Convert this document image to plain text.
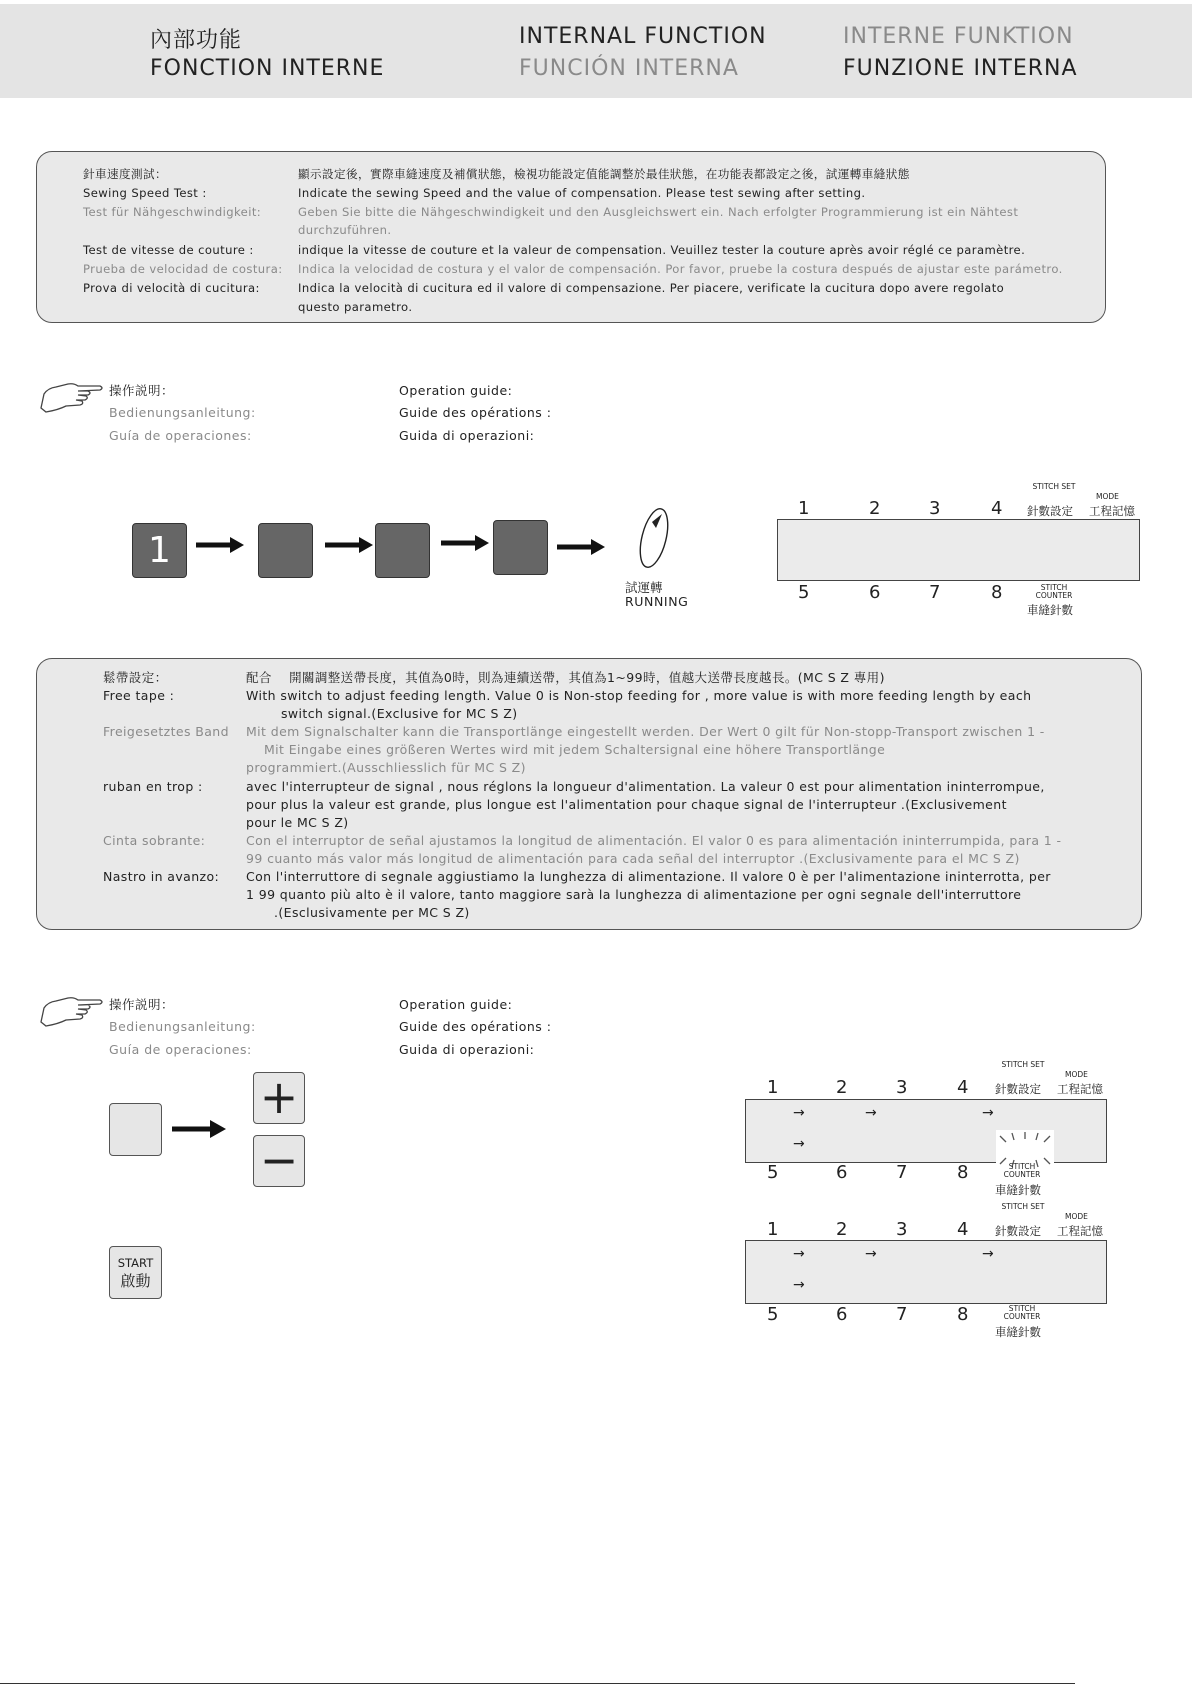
內部功能
FONCTION INTERNE
INTERNAL FUNCTION
FUNCIÓN INTERNA
INTERNE FUNKTION
FUNZIONE INTERNA
針車速度測試：	顯示設定後，實際車縫速度及補償狀態，檢視功能設定值能調整於最佳狀態，在功能表都設定之後，試運轉車縫狀態
Sewing Speed Test :	Indicate the sewing Speed and the value of compensation. Please test sewing after setting.
Test für Nähgeschwindigkeit:	Geben Sie bitte die Nähgeschwindigkeit und den Ausgleichswert ein. Nach erfolgter Programmierung ist ein Nähtest
durchzuführen.
Test de vitesse de couture :	indique la vitesse de couture et la valeur de compensation. Veuillez tester la couture après avoir réglé ce paramètre.
Prueba de velocidad de costura: Indica la velocidad de costura y el valor de compensación. Por favor, pruebe la costura después de ajustar este parámetro.
Prova di velocità di cucitura:	Indica la velocità di cucitura ed il valore di compensazione. Per piacere, verificate la cucitura dopo avere regolato
questo parametro.
操作説明：
Bedienungsanleitung:
Guía de operaciones:
Operation guide:
Guide des opérations :
Guida di operazioni:
1
試運轉
RUNNING
1	2	3	4
STITCH SET
針數設定
MODE
工程記憶
5	6	7	8	STITCH COUNTER
車縫針數
鬆帶設定：	配合　 開關調整送帶長度，其值為0時，則為連續送帶，其值為1~99時，值越大送帶長度越長。(MC S Z 專用)
Free tape :	With switch to adjust feeding length. Value 0 is Non-stop feeding for , more value is with more feeding length by each
switch signal.(Exclusive for MC S Z)
Freigesetztes Band Mit dem Signalschalter kann die Transportlänge eingestellt werden. Der Wert 0 gilt für Non-stopp-Transport zwischen 1 -
Mit Eingabe eines größeren Wertes wird mit jedem Schaltersignal eine höhere Transportlänge
programmiert.(Ausschliesslich für MC S Z)
ruban en trop :	avec l'interrupteur de signal , nous réglons la longueur d'alimentation. La valeur 0 est pour alimentation ininterrompue,
pour plus la valeur est grande, plus longue est l'alimentation pour chaque signal de l'interrupteur .(Exclusivement
pour le MC S Z)
Cinta sobrante:	Con el interruptor de señal ajustamos la longitud de alimentación. El valor 0 es para alimentación ininterrumpida, para 1 -
99 cuanto más valor más longitud de alimentación para cada señal del interruptor .(Exclusivamente para el MC S Z)
Nastro in avanzo: Con l'interruttore di segnale aggiustiamo la lunghezza di alimentazione. Il valore 0 è per l'alimentazione ininterrotta, per
1 99 quanto più alto è il valore, tanto maggiore sarà la lunghezza di alimentazione per ogni segnale dell'interruttore
.(Esclusivamente per MC S Z)
操作説明：
Bedienungsanleitung:
Guía de operaciones:
Operation guide:
Guide des opérations :
Guida di operazioni:
+
−
START
啟動
1	2	3	4
STITCH SET
針數設定
MODE
工程記憶
→	→	→
→
5	6	7	8	STITCH COUNTER
車縫針數
1	2	3	4
STITCH SET
針數設定
MODE
工程記憶
→	→	→
→
5	6	7	8	STITCH COUNTER
車縫針數
